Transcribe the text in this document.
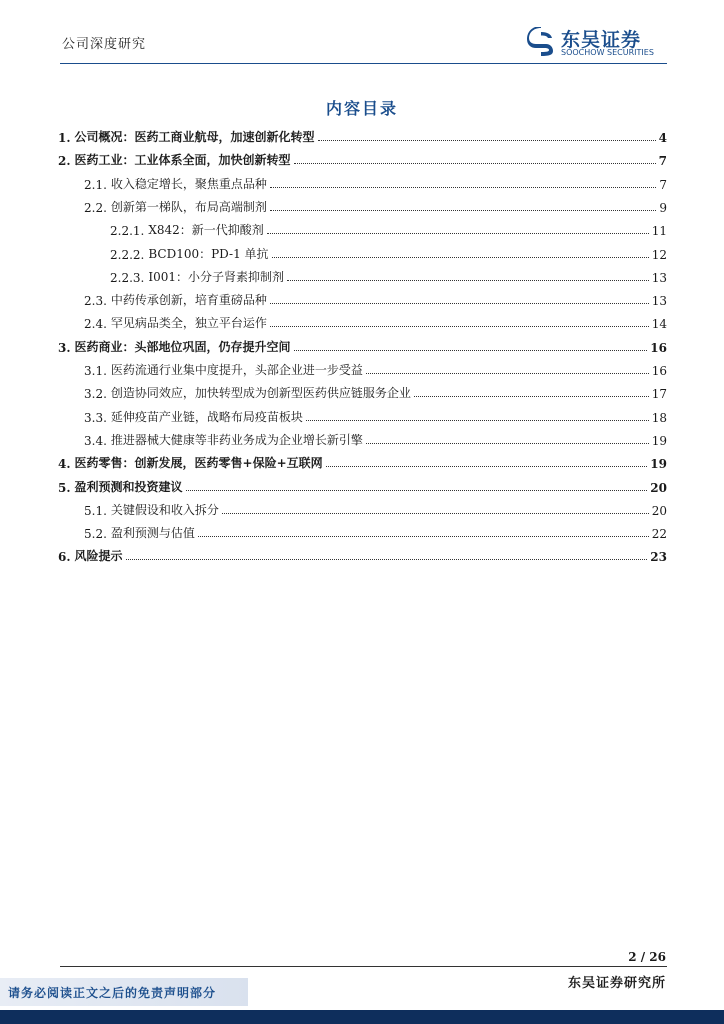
公司深度研究	东吴证券
SOOCHOW SECURITIES
内容目录
1. 公司概况：医药工商业航母，加速创新化转型	4
2. 医药工业：工业体系全面，加快创新转型	7
2.1. 收入稳定增长，聚焦重点品种	7
2.2. 创新第一梯队，布局高端制剂	9
2.2.1. X842：新一代抑酸剂	11
2.2.2. BCD100：PD-1 单抗	12
2.2.3. I001：小分子肾素抑制剂	13
2.3. 中药传承创新，培育重磅品种	13
2.4. 罕见病品类全，独立平台运作	14
3. 医药商业：头部地位巩固，仍存提升空间	16
3.1. 医药流通行业集中度提升，头部企业进一步受益	16
3.2. 创造协同效应，加快转型成为创新型医药供应链服务企业	17
3.3. 延伸疫苗产业链，战略布局疫苗板块	18
3.4. 推进器械大健康等非药业务成为企业增长新引擎	19
4. 医药零售：创新发展，医药零售+保险+互联网	19
5. 盈利预测和投资建议	20
5.1. 关键假设和收入拆分	20
5.2. 盈利预测与估值	22
6. 风险提示	23
2 / 26
东吴证券研究所
请务必阅读正文之后的免责声明部分
